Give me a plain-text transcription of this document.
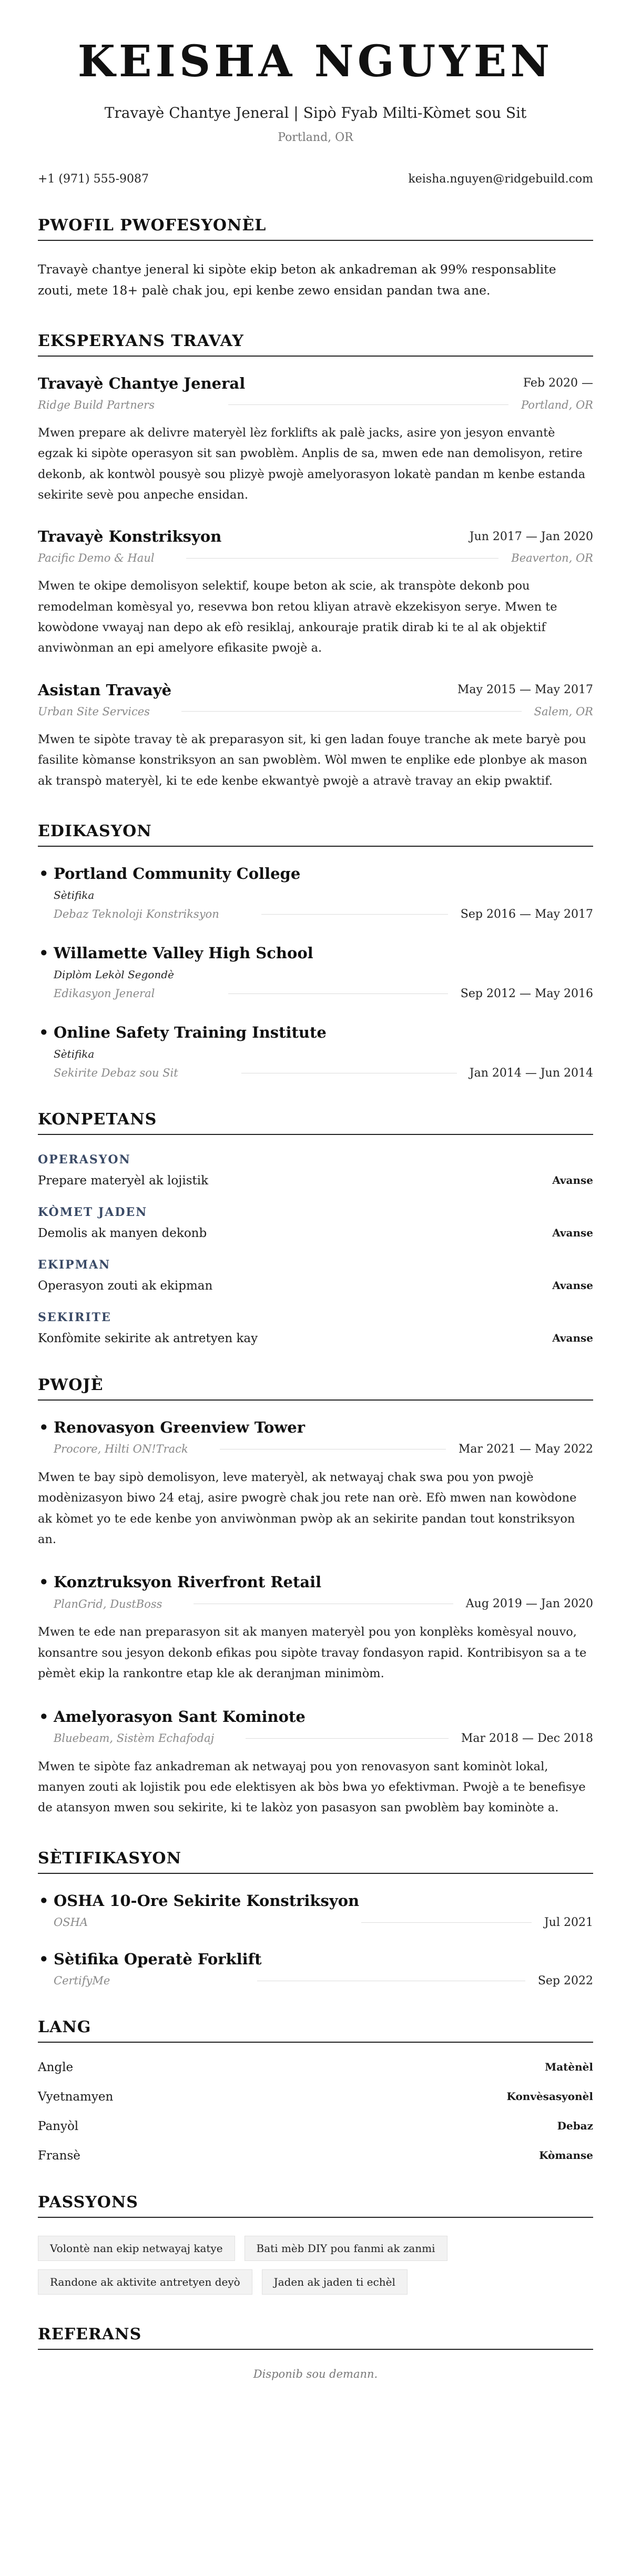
KEISHA NGUYEN
Travayè Chantye Jeneral | Sipò Fyab Milti-Kòmet sou Sit
Portland, OR
+1 (971) 555-9087	keisha.nguyen@ridgebuild.com
PWOFIL PWOFESYONÈL

Travayè chantye jeneral ki sipòte ekip beton ak ankadreman ak 99% responsablite zouti, mete 18+ palè chak jou, epi kenbe zewo ensidan pandan twa ane.

EKSPERYANS TRAVAY
Travayè Chantye Jeneral	Feb 2020 —
Ridge Build Partners	Portland, OR

Mwen prepare ak delivre materyèl lèz forklifts ak palè jacks, asire yon jesyon envantè egzak ki sipòte operasyon sit san pwoblèm. Anplis de sa, mwen ede nan demolisyon, retire dekonb, ak kontwòl pousyè sou plizyè pwojè amelyorasyon lokatè pandan m kenbe estanda sekirite sevè pou anpeche ensidan.

Travayè Konstriksyon	Jun 2017 — Jan 2020
Pacific Demo & Haul	Beaverton, OR

Mwen te okipe demolisyon selektif, koupe beton ak scie, ak transpòte dekonb pou remodelman komèsyal yo, resevwa bon retou kliyan atravè ekzekisyon serye. Mwen te kowòdone vwayaj nan depo ak efò resiklaj, ankouraje pratik dirab ki te al ak objektif anviwònman an epi amelyore efikasite pwojè a.

Asistan Travayè	May 2015 — May 2017
Urban Site Services	Salem, OR

Mwen te sipòte travay tè ak preparasyon sit, ki gen ladan fouye tranche ak mete baryè pou fasilite kòmanse konstriksyon an san pwoblèm. Wòl mwen te enplike ede plonbye ak mason ak transpò materyèl, ki te ede kenbe ekwantyè pwojè a atravè travay an ekip pwaktif.

EDIKASYON
• Portland Community College
Sètifika
Debaz Teknoloji Konstriksyon	Sep 2016 — May 2017
• Willamette Valley High School
Diplòm Lekòl Segondè
Edikasyon Jeneral	Sep 2012 — May 2016
• Online Safety Training Institute
Sètifika
Sekirite Debaz sou Sit	Jan 2014 — Jun 2014
KONPETANS
OPERASYON
Prepare materyèl ak lojistik	Avanse
KÒMET JADEN
Demolis ak manyen dekonb	Avanse
EKIPMAN
Operasyon zouti ak ekipman	Avanse
SEKIRITE
Konfòmite sekirite ak antretyen kay	Avanse
PWOJÈ
• Renovasyon Greenview Tower
Procore, Hilti ON!Track	Mar 2021 — May 2022

Mwen te bay sipò demolisyon, leve materyèl, ak netwayaj chak swa pou yon pwojè modènizasyon biwo 24 etaj, asire pwogrè chak jou rete nan orè. Efò mwen nan kowòdone ak kòmet yo te ede kenbe yon anviwònman pwòp ak an sekirite pandan tout konstriksyon an.

• Konztruksyon Riverfront Retail
PlanGrid, DustBoss	Aug 2019 — Jan 2020

Mwen te ede nan preparasyon sit ak manyen materyèl pou yon konplèks komèsyal nouvo, konsantre sou jesyon dekonb efikas pou sipòte travay fondasyon rapid. Kontribisyon sa a te pèmèt ekip la rankontre etap kle ak deranjman minimòm.

• Amelyorasyon Sant Kominote
Bluebeam, Sistèm Echafodaj	Mar 2018 — Dec 2018

Mwen te sipòte faz ankadreman ak netwayaj pou yon renovasyon sant kominòt lokal, manyen zouti ak lojistik pou ede elektisyen ak bòs bwa yo efektivman. Pwojè a te benefisye de atansyon mwen sou sekirite, ki te lakòz yon pasasyon san pwoblèm bay kominòte a.

SÈTIFIKASYON
• OSHA 10-Ore Sekirite Konstriksyon
OSHA	Jul 2021
• Sètifika Operatè Forklift
CertifyMe	Sep 2022
LANG
Angle	Matènèl
Vyetnamyen	Konvèsasyonèl
Panyòl	Debaz
Fransè	Kòmanse
PASSYONS
Volontè nan ekip netwayaj katye	Bati mèb DIY pou fanmi ak zanmi
Randone ak aktivite antretyen deyò	Jaden ak jaden ti echèl
REFERANS
Disponib sou demann.
